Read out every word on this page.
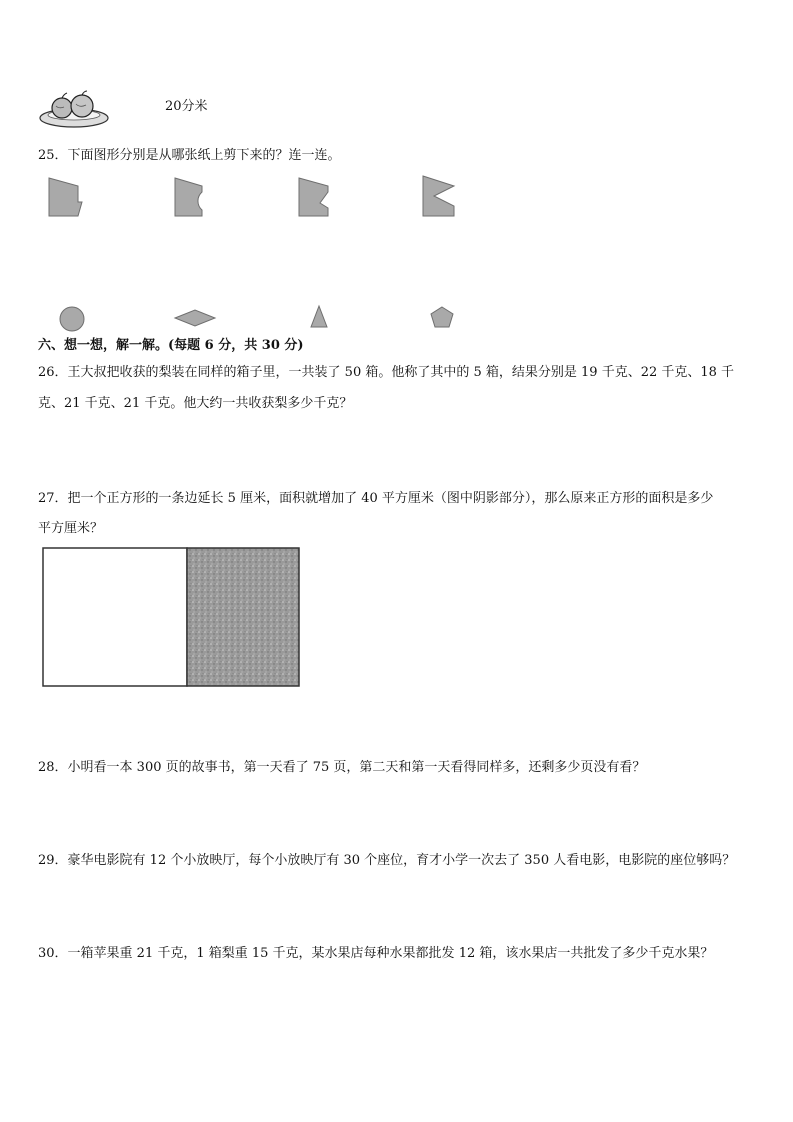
20分米
25．下面图形分别是从哪张纸上剪下来的？连一连。
六、想一想，解一解。(每题 6 分，共 30 分)
26．王大叔把收获的梨装在同样的箱子里，一共装了 50 箱。他称了其中的 5 箱，结果分别是 19 千克、22 千克、18 千
克、21 千克、21 千克。他大约一共收获梨多少千克？
27．把一个正方形的一条边延长 5 厘米，面积就增加了 40 平方厘米（图中阴影部分），那么原来正方形的面积是多少
平方厘米？
28．小明看一本 300 页的故事书，第一天看了 75 页，第二天和第一天看得同样多，还剩多少页没有看？
29．豪华电影院有 12 个小放映厅，每个小放映厅有 30 个座位，育才小学一次去了 350 人看电影，电影院的座位够吗？
30．一箱苹果重 21 千克，1 箱梨重 15 千克，某水果店每种水果都批发 12 箱，该水果店一共批发了多少千克水果？
